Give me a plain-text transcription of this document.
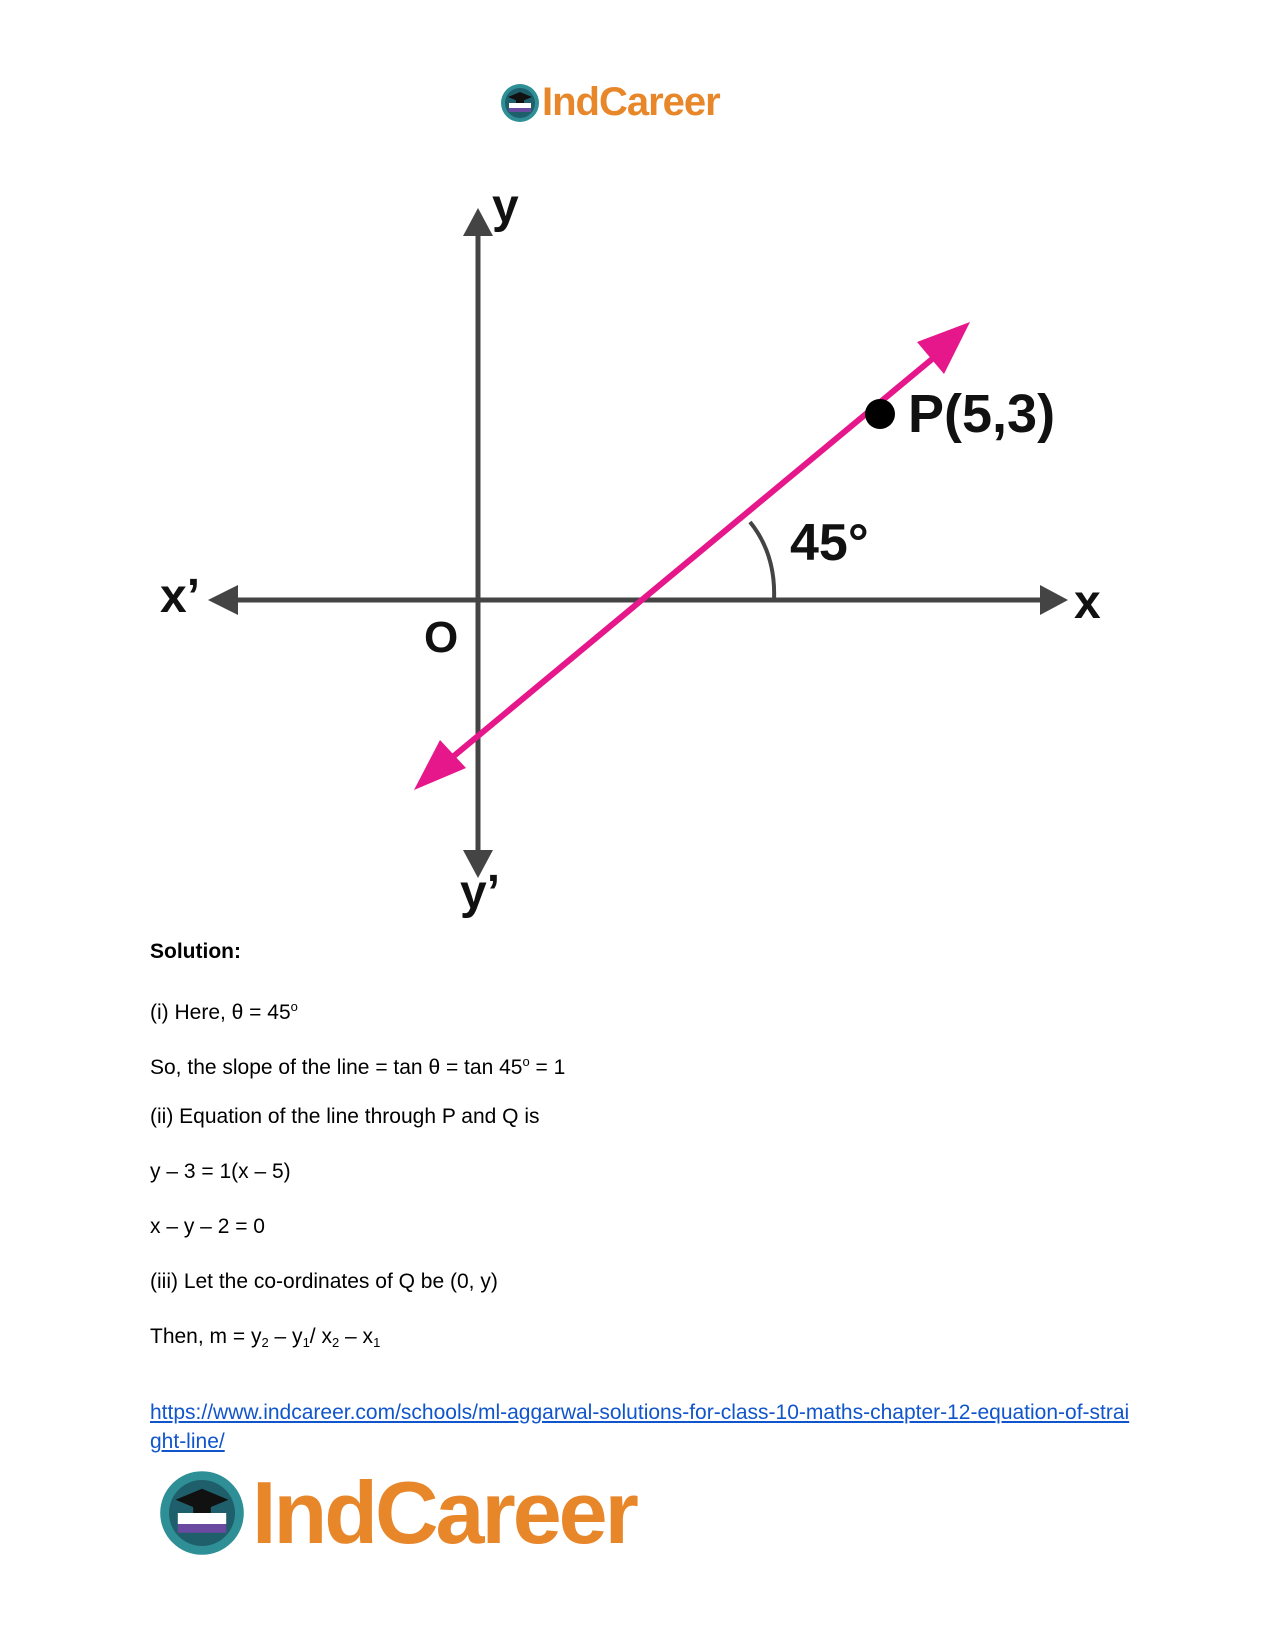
IndCareer
y
y’
x’	x
O
P(5,3)
45°

Solution:

(i) Here, $\theta = 45^o$

So, the slope of the line = $\tan \theta = \tan 45^o = 1$

(ii) Equation of the line through P and Q is

y – 3 = 1(x – 5)

x – y – 2 = 0

(iii) Let the co-ordinates of Q be (0, y)

Then, $m = y_2 - y_1/$ $x_2 - x_1$

https://www.indcareer.com/schools/ml-aggarwal-solutions-for-class-10-maths-chapter-12-equation-of-straight-line/
IndCareer
